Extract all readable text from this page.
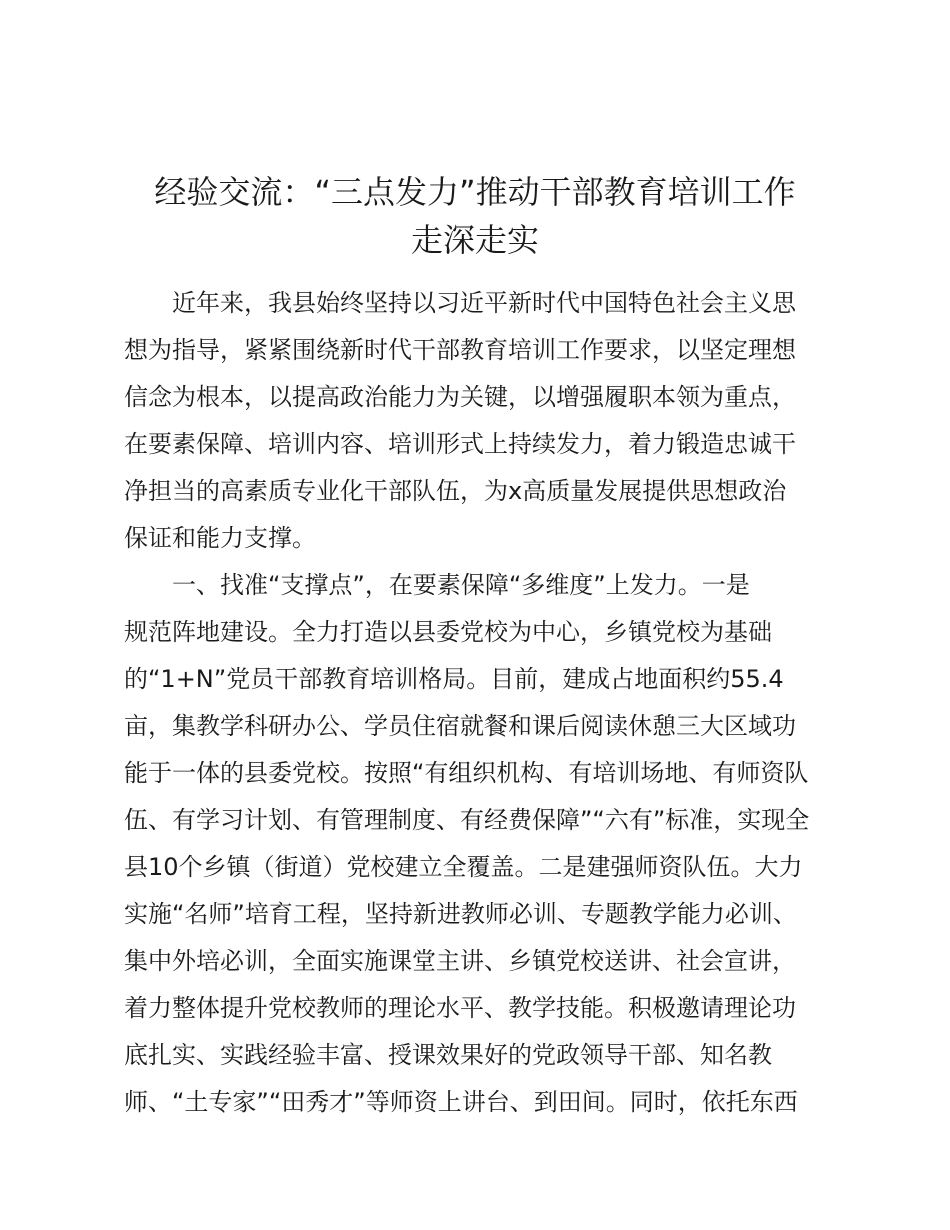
经验交流：“三点发力”推动干部教育培训工作
走深走实

近年来，我县始终坚持以习近平新时代中国特色社会主义思

想为指导，紧紧围绕新时代干部教育培训工作要求，以坚定理想

信念为根本，以提高政治能力为关键，以增强履职本领为重点，

在要素保障、培训内容、培训形式上持续发力，着力锻造忠诚干

净担当的高素质专业化干部队伍，为x高质量发展提供思想政治

保证和能力支撑。

一、找准“支撑点”，在要素保障“多维度”上发力。一是

规范阵地建设。全力打造以县委党校为中心，乡镇党校为基础

的“1+N”党员干部教育培训格局。目前，建成占地面积约55.4

亩，集教学科研办公、学员住宿就餐和课后阅读休憩三大区域功

能于一体的县委党校。按照“有组织机构、有培训场地、有师资队

伍、有学习计划、有管理制度、有经费保障”“六有”标准，实现全

县10个乡镇（街道）党校建立全覆盖。二是建强师资队伍。大力

实施“名师”培育工程，坚持新进教师必训、专题教学能力必训、

集中外培必训，全面实施课堂主讲、乡镇党校送讲、社会宣讲，

着力整体提升党校教师的理论水平、教学技能。积极邀请理论功

底扎实、实践经验丰富、授课效果好的党政领导干部、知名教

师、“土专家”“田秀才”等师资上讲台、到田间。同时，依托东西
